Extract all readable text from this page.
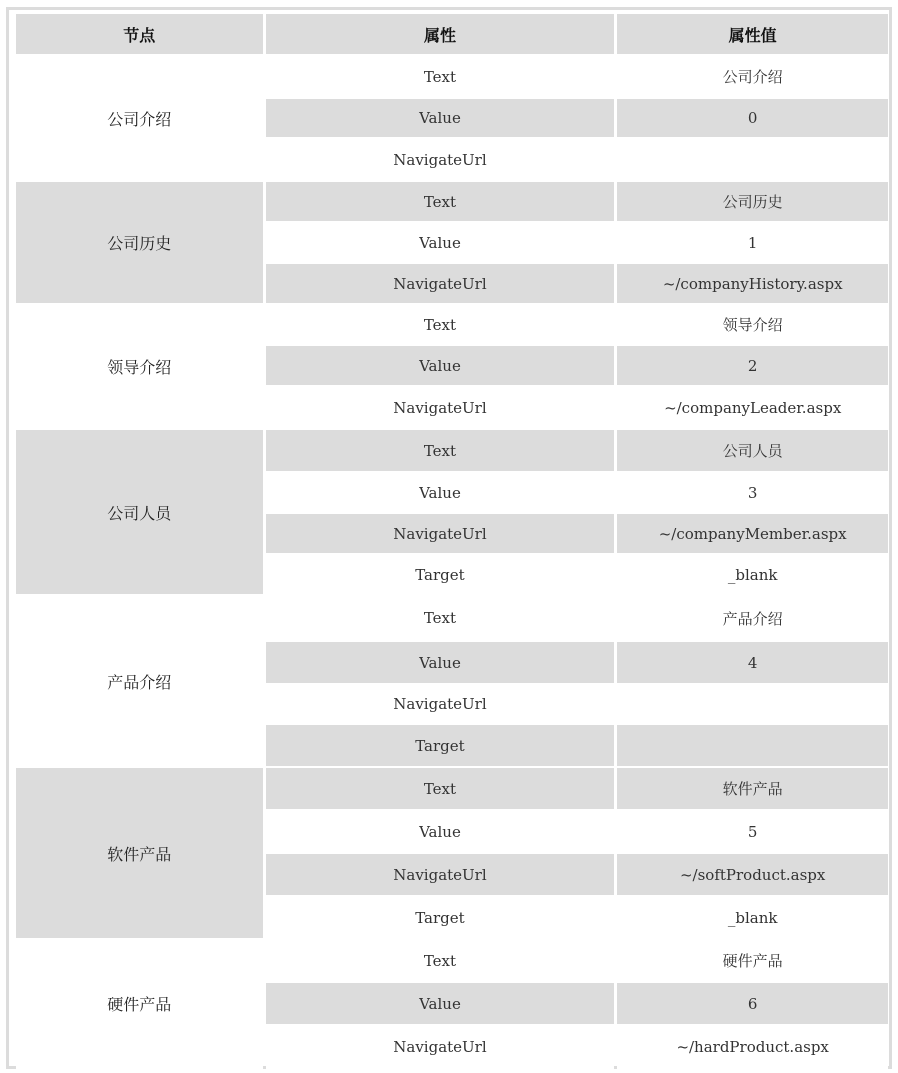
节点	属性	属性值
公司介绍	Text	公司介绍
	Value	0
	NavigateUrl	
公司历史	Text	公司历史
	Value	1
	NavigateUrl	~/companyHistory.aspx
领导介绍	Text	领导介绍
	Value	2
	NavigateUrl	~/companyLeader.aspx
公司人员	Text	公司人员
	Value	3
	NavigateUrl	~/companyMember.aspx
	Target	_blank
产品介绍	Text	产品介绍
	Value	4
	NavigateUrl	
	Target	
软件产品	Text	软件产品
	Value	5
	NavigateUrl	~/softProduct.aspx
	Target	_blank
硬件产品	Text	硬件产品
	Value	6
	NavigateUrl	~/hardProduct.aspx
